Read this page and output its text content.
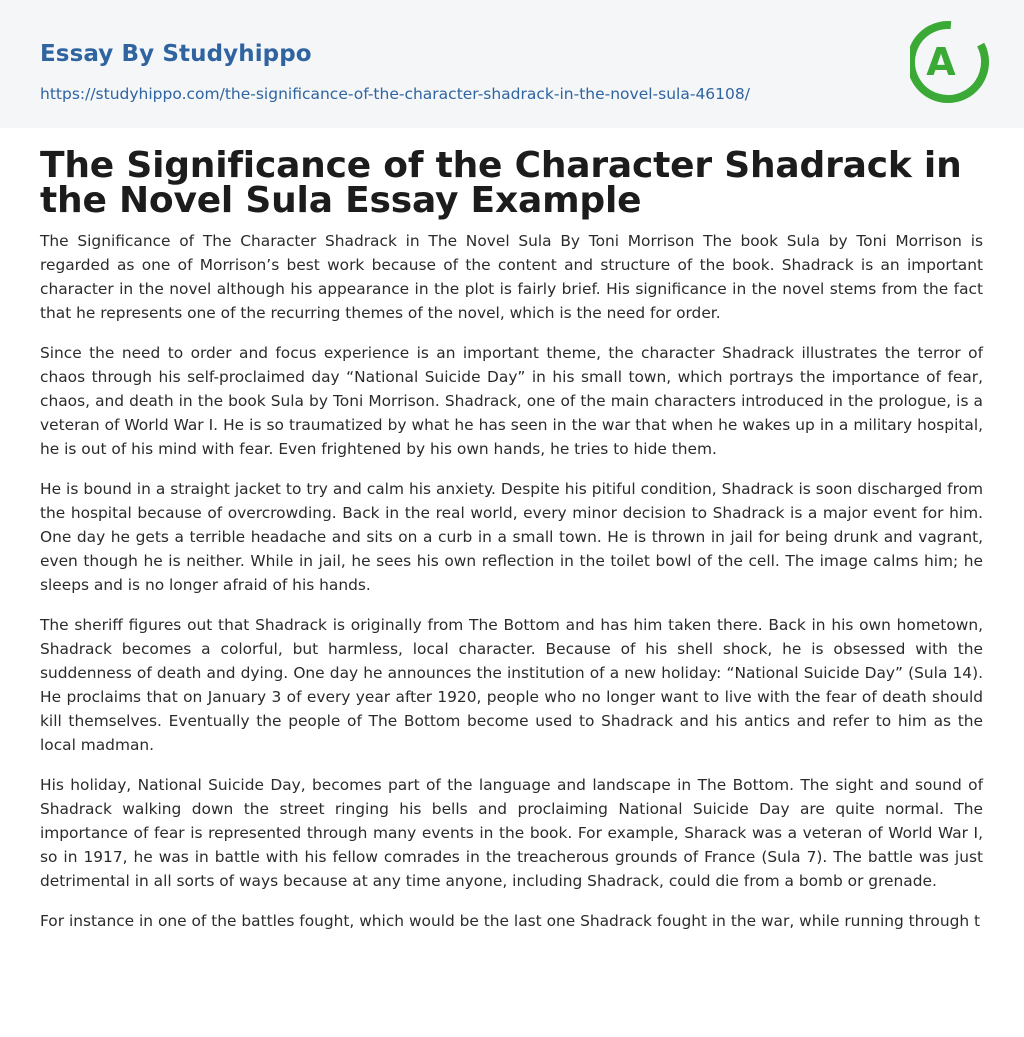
Essay By Studyhippo
https://studyhippo.com/the-significance-of-the-character-shadrack-in-the-novel-sula-46108/
A
The Significance of the Character Shadrack in the Novel Sula Essay Example

The Significance of The Character Shadrack in The Novel Sula By Toni Morrison The book Sula by Toni Morrison is regarded as one of Morrison’s best work because of the content and structure of the book. Shadrack is an important character in the novel although his appearance in the plot is fairly brief. His significance in the novel stems from the fact that he represents one of the recurring themes of the novel, which is the need for order.

Since the need to order and focus experience is an important theme, the character Shadrack illustrates the terror of chaos through his self-proclaimed day “National Suicide Day” in his small town, which portrays the importance of fear, chaos, and death in the book Sula by Toni Morrison. Shadrack, one of the main characters introduced in the prologue, is a veteran of World War I. He is so traumatized by what he has seen in the war that when he wakes up in a military hospital, he is out of his mind with fear. Even frightened by his own hands, he tries to hide them.

He is bound in a straight jacket to try and calm his anxiety. Despite his pitiful condition, Shadrack is soon discharged from the hospital because of overcrowding. Back in the real world, every minor decision to Shadrack is a major event for him. One day he gets a terrible headache and sits on a curb in a small town. He is thrown in jail for being drunk and vagrant, even though he is neither. While in jail, he sees his own reflection in the toilet bowl of the cell. The image calms him; he sleeps and is no longer afraid of his hands.

The sheriff figures out that Shadrack is originally from The Bottom and has him taken there. Back in his own hometown, Shadrack becomes a colorful, but harmless, local character. Because of his shell shock, he is obsessed with the suddenness of death and dying. One day he announces the institution of a new holiday: “National Suicide Day” (Sula 14). He proclaims that on January 3 of every year after 1920, people who no longer want to live with the fear of death should kill themselves. Eventually the people of The Bottom become used to Shadrack and his antics and refer to him as the local madman.

His holiday, National Suicide Day, becomes part of the language and landscape in The Bottom. The sight and sound of Shadrack walking down the street ringing his bells and proclaiming National Suicide Day are quite normal. The importance of fear is represented through many events in the book. For example, Sharack was a veteran of World War I, so in 1917, he was in battle with his fellow comrades in the treacherous grounds of France (Sula 7). The battle was just detrimental in all sorts of ways because at any time anyone, including Shadrack, could die from a bomb or grenade.

For instance in one of the battles fought, which would be the last one Shadrack fought in the war, while running through t
